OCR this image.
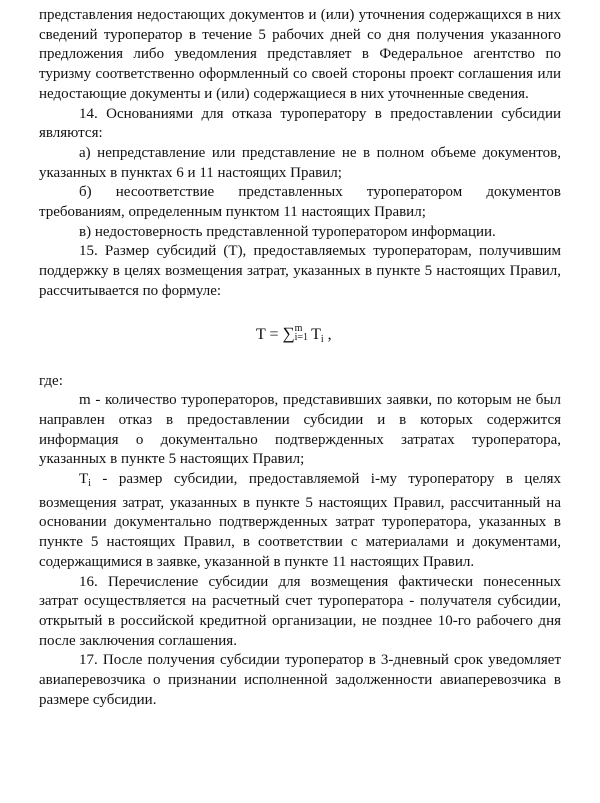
представления недостающих документов и (или) уточнения содержащихся в них сведений туроператор в течение 5 рабочих дней со дня получения указанного предложения либо уведомления представляет в Федеральное агентство по туризму соответственно оформленный со своей стороны проект соглашения или недостающие документы и (или) содержащиеся в них уточненные сведения.

14. Основаниями для отказа туроператору в предоставлении субсидии являются:

а) непредставление или представление не в полном объеме документов, указанных в пунктах 6 и 11 настоящих Правил;

б) несоответствие представленных туроператором документов требованиям, определенным пунктом 11 настоящих Правил;

в) недостоверность представленной туроператором информации.

15. Размер субсидий (T), предоставляемых туроператорам, получившим поддержку в целях возмещения затрат, указанных в пункте 5 настоящих Правил, рассчитывается по формуле:

T = ∑ m
i=1 $T_i$ ,

где:

m - количество туроператоров, представивших заявки, по которым не был направлен отказ в предоставлении субсидии и в которых содержится информация о документально подтвержденных затратах туроператора, указанных в пункте 5 настоящих Правил;

$T_i$ - размер субсидии, предоставляемой i-му туроператору в целях возмещения затрат, указанных в пункте 5 настоящих Правил, рассчитанный на основании документально подтвержденных затрат туроператора, указанных в пункте 5 настоящих Правил, в соответствии с материалами и документами, содержащимися в заявке, указанной в пункте 11 настоящих Правил.

16. Перечисление субсидии для возмещения фактически понесенных затрат осуществляется на расчетный счет туроператора - получателя субсидии, открытый в российской кредитной организации, не позднее 10-го рабочего дня после заключения соглашения.

17. После получения субсидии туроператор в 3-дневный срок уведомляет авиаперевозчика о признании исполненной задолженности авиаперевозчика в размере субсидии.
